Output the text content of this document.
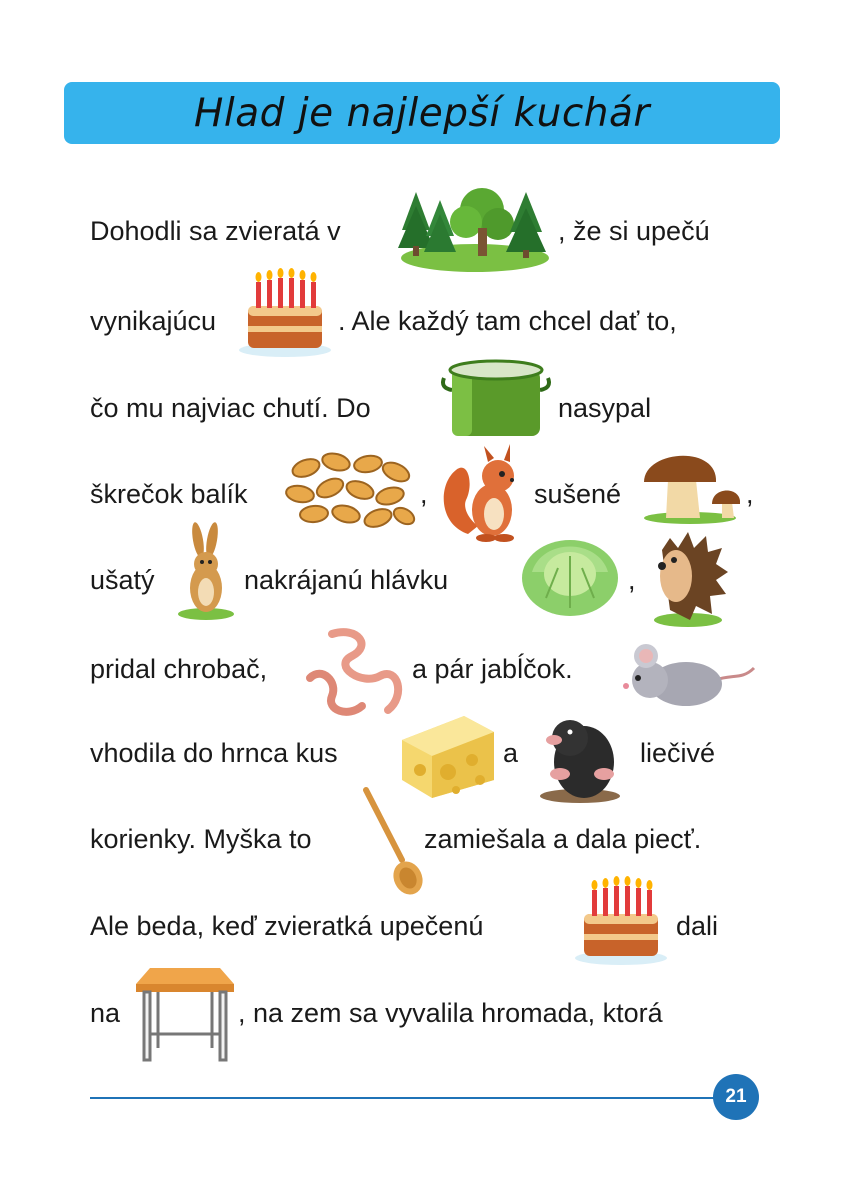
Hlad je najlepší kuchár
Dohodli sa zvieratá v	, že si upečú
vynikajúcu	. Ale každý tam chcel dať to,
čo mu najviac chutí. Do	nasypal
škrečok balík	,	sušené	,
ušatý	nakrájanú hlávku	,
pridal chrobač,	a pár jabĺčok.
vhodila do hrnca kus	a	liečivé
korienky. Myška to	zamiešala a dala piecť.
Ale beda, keď zvieratká upečenú	dali
na	, na zem sa vyvalila hromada, ktorá
21
